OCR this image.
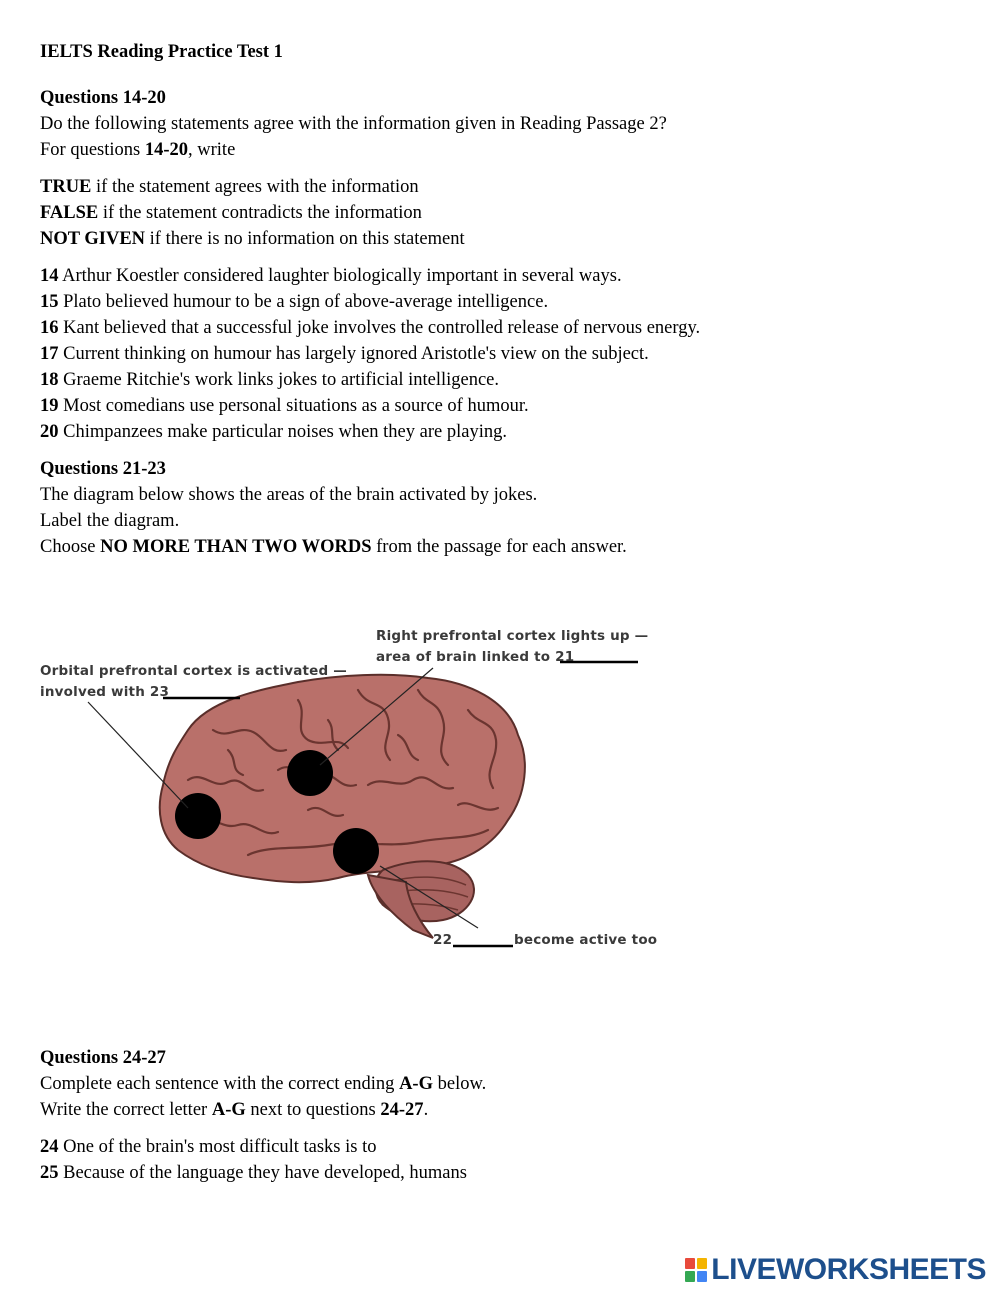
IELTS Reading Practice Test 1
Questions 14-20
Do the following statements agree with the information given in Reading Passage 2?
For questions 14-20, write
TRUE if the statement agrees with the information
FALSE if the statement contradicts the information
NOT GIVEN if there is no information on this statement
14 Arthur Koestler considered laughter biologically important in several ways.
15 Plato believed humour to be a sign of above-average intelligence.
16 Kant believed that a successful joke involves the controlled release of nervous energy.
17 Current thinking on humour has largely ignored Aristotle's view on the subject.
18 Graeme Ritchie's work links jokes to artificial intelligence.
19 Most comedians use personal situations as a source of humour.
20 Chimpanzees make particular noises when they are playing.
Questions 21-23
The diagram below shows the areas of the brain activated by jokes.
Label the diagram.
Choose NO MORE THAN TWO WORDS from the passage for each answer.
Questions 24-27
Complete each sentence with the correct ending A-G below.
Write the correct letter A-G next to questions 24-27.
24 One of the brain's most difficult tasks is to
25 Because of the language they have developed, humans
Right prefrontal cortex lights up —
area of brain linked to 21
Orbital prefrontal cortex is activated —
involved with 23
22	become active too
LIVEWORKSHEETS
